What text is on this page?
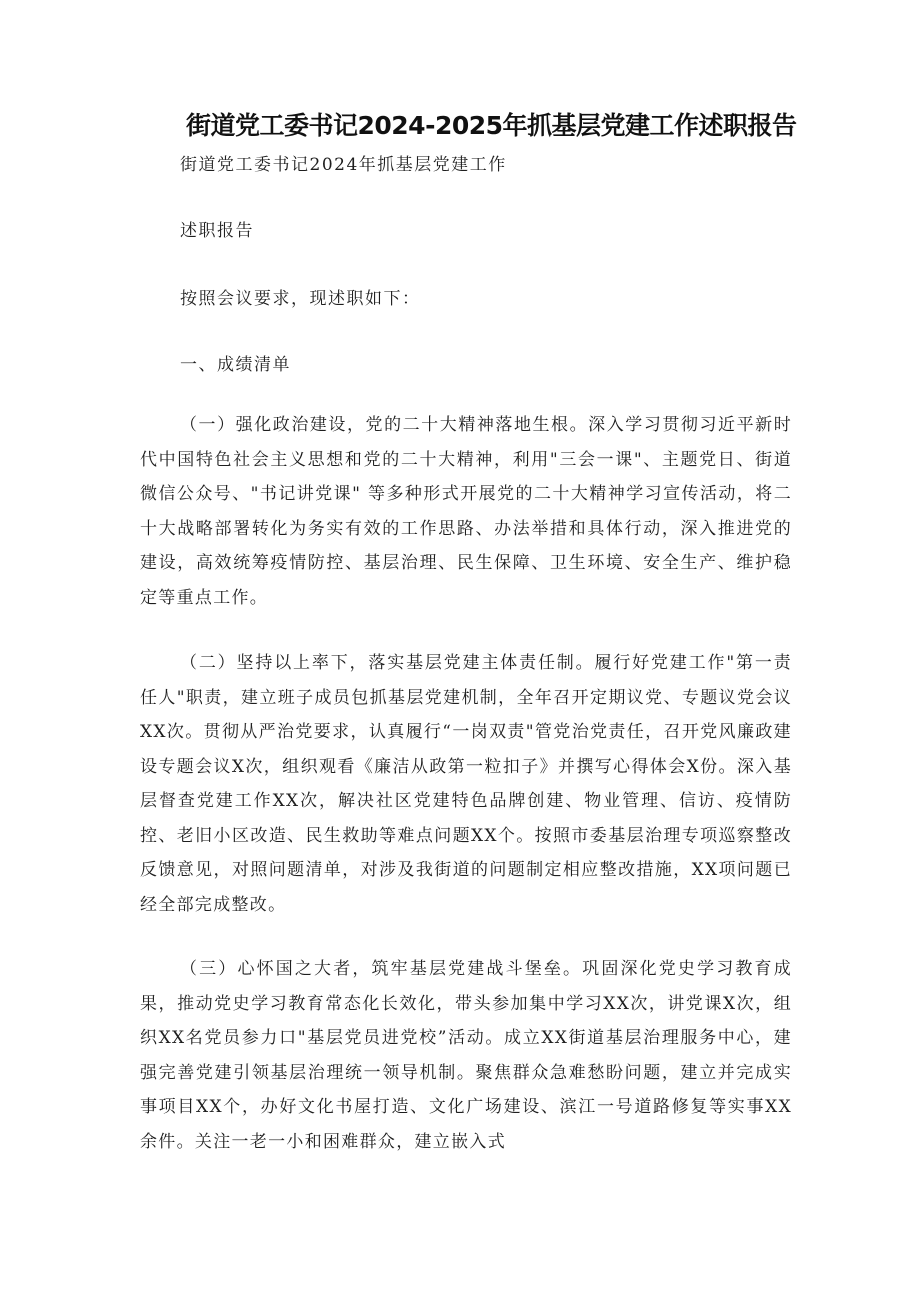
街道党工委书记2024-2025年抓基层党建工作述职报告
街道党工委书记2024年抓基层党建工作
述职报告
按照会议要求，现述职如下：
一、成绩清单
（一）强化政治建设，党的二十大精神落地生根。深入学习贯彻习近平新时代中国特色社会主义思想和党的二十大精神，利用"三会一课"、主题党日、街道微信公众号、"书记讲党课" 等多种形式开展党的二十大精神学习宣传活动，将二十大战略部署转化为务实有效的工作思路、办法举措和具体行动，深入推进党的建设，高效统筹疫情防控、基层治理、民生保障、卫生环境、安全生产、维护稳定等重点工作。
（二）坚持以上率下，落实基层党建主体责任制。履行好党建工作"第一责任人"职责，建立班子成员包抓基层党建机制，全年召开定期议党、专题议党会议XX次。贯彻从严治党要求，认真履行“一岗双责"管党治党责任，召开党风廉政建设专题会议X次，组织观看《廉洁从政第一粒扣子》并撰写心得体会X份。深入基层督查党建工作XX次，解决社区党建特色品牌创建、物业管理、信访、疫情防控、老旧小区改造、民生救助等难点问题XX个。按照市委基层治理专项巡察整改反馈意见，对照问题清单，对涉及我街道的问题制定相应整改措施，XX项问题已经全部完成整改。
（三）心怀国之大者，筑牢基层党建战斗堡垒。巩固深化党史学习教育成果，推动党史学习教育常态化长效化，带头参加集中学习XX次，讲党课X次，组织XX名党员参力口"基层党员进党校”活动。成立XX街道基层治理服务中心，建强完善党建引领基层治理统一领导机制。聚焦群众急难愁盼问题，建立并完成实事项目XX个，办好文化书屋打造、文化广场建设、滨江一号道路修复等实事XX余件。关注一老一小和困难群众，建立嵌入式
